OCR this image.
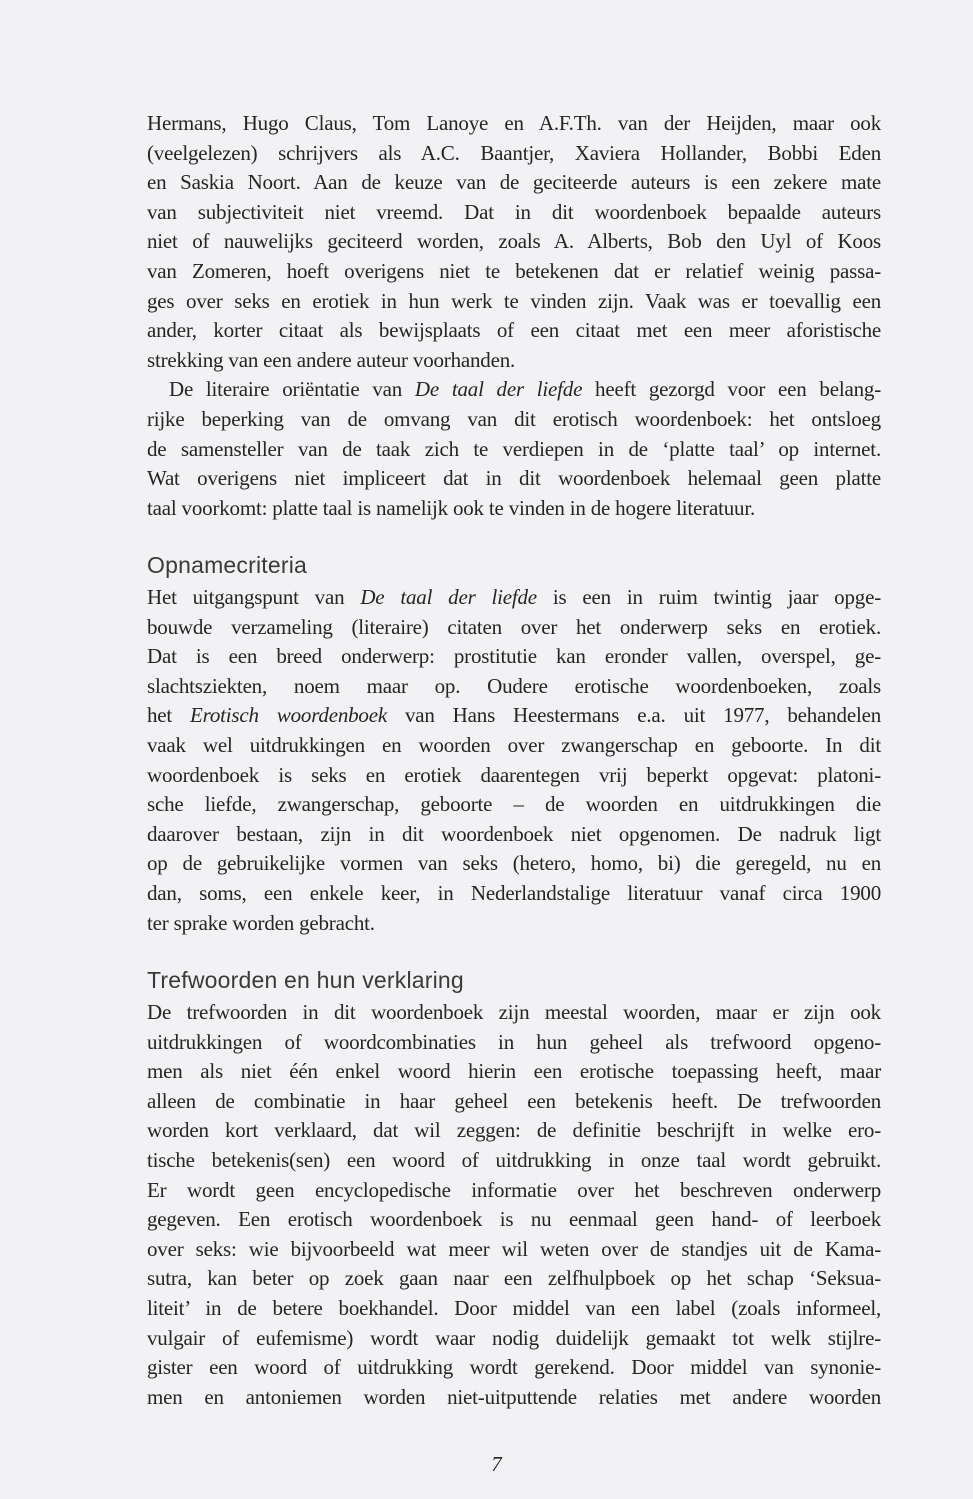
Hermans, Hugo Claus, Tom Lanoye en A.F.Th. van der Heijden, maar ook
(veelgelezen) schrijvers als A.C. Baantjer, Xaviera Hollander, Bobbi Eden
en Saskia Noort. Aan de keuze van de geciteerde auteurs is een zekere mate
van subjectiviteit niet vreemd. Dat in dit woordenboek bepaalde auteurs
niet of nauwelijks geciteerd worden, zoals A. Alberts, Bob den Uyl of Koos
van Zomeren, hoeft overigens niet te betekenen dat er relatief weinig passa-
ges over seks en erotiek in hun werk te vinden zijn. Vaak was er toevallig een
ander, korter citaat als bewijsplaats of een citaat met een meer aforistische
strekking van een andere auteur voorhanden.
De literaire oriëntatie van De taal der liefde heeft gezorgd voor een belang-
rijke beperking van de omvang van dit erotisch woordenboek: het ontsloeg
de samensteller van de taak zich te verdiepen in de ‘platte taal’ op internet.
Wat overigens niet impliceert dat in dit woordenboek helemaal geen platte
taal voorkomt: platte taal is namelijk ook te vinden in de hogere literatuur.
Opnamecriteria
Het uitgangspunt van De taal der liefde is een in ruim twintig jaar opge-
bouwde verzameling (literaire) citaten over het onderwerp seks en erotiek.
Dat is een breed onderwerp: prostitutie kan eronder vallen, overspel, ge-
slachtsziekten, noem maar op. Oudere erotische woordenboeken, zoals
het Erotisch woordenboek van Hans Heestermans e.a. uit 1977, behandelen
vaak wel uitdrukkingen en woorden over zwangerschap en geboorte. In dit
woordenboek is seks en erotiek daarentegen vrij beperkt opgevat: platoni-
sche liefde, zwangerschap, geboorte – de woorden en uitdrukkingen die
daarover bestaan, zijn in dit woordenboek niet opgenomen. De nadruk ligt
op de gebruikelijke vormen van seks (hetero, homo, bi) die geregeld, nu en
dan, soms, een enkele keer, in Nederlandstalige literatuur vanaf circa 1900
ter sprake worden gebracht.
Trefwoorden en hun verklaring
De trefwoorden in dit woordenboek zijn meestal woorden, maar er zijn ook
uitdrukkingen of woordcombinaties in hun geheel als trefwoord opgeno-
men als niet één enkel woord hierin een erotische toepassing heeft, maar
alleen de combinatie in haar geheel een betekenis heeft. De trefwoorden
worden kort verklaard, dat wil zeggen: de definitie beschrijft in welke ero-
tische betekenis(sen) een woord of uitdrukking in onze taal wordt gebruikt.
Er wordt geen encyclopedische informatie over het beschreven onderwerp
gegeven. Een erotisch woordenboek is nu eenmaal geen hand- of leerboek
over seks: wie bijvoorbeeld wat meer wil weten over de standjes uit de Kama-
sutra, kan beter op zoek gaan naar een zelfhulpboek op het schap ‘Seksua-
liteit’ in de betere boekhandel. Door middel van een label (zoals informeel,
vulgair of eufemisme) wordt waar nodig duidelijk gemaakt tot welk stijlre-
gister een woord of uitdrukking wordt gerekend. Door middel van synonie-
men en antoniemen worden niet-uitputtende relaties met andere woorden
7
